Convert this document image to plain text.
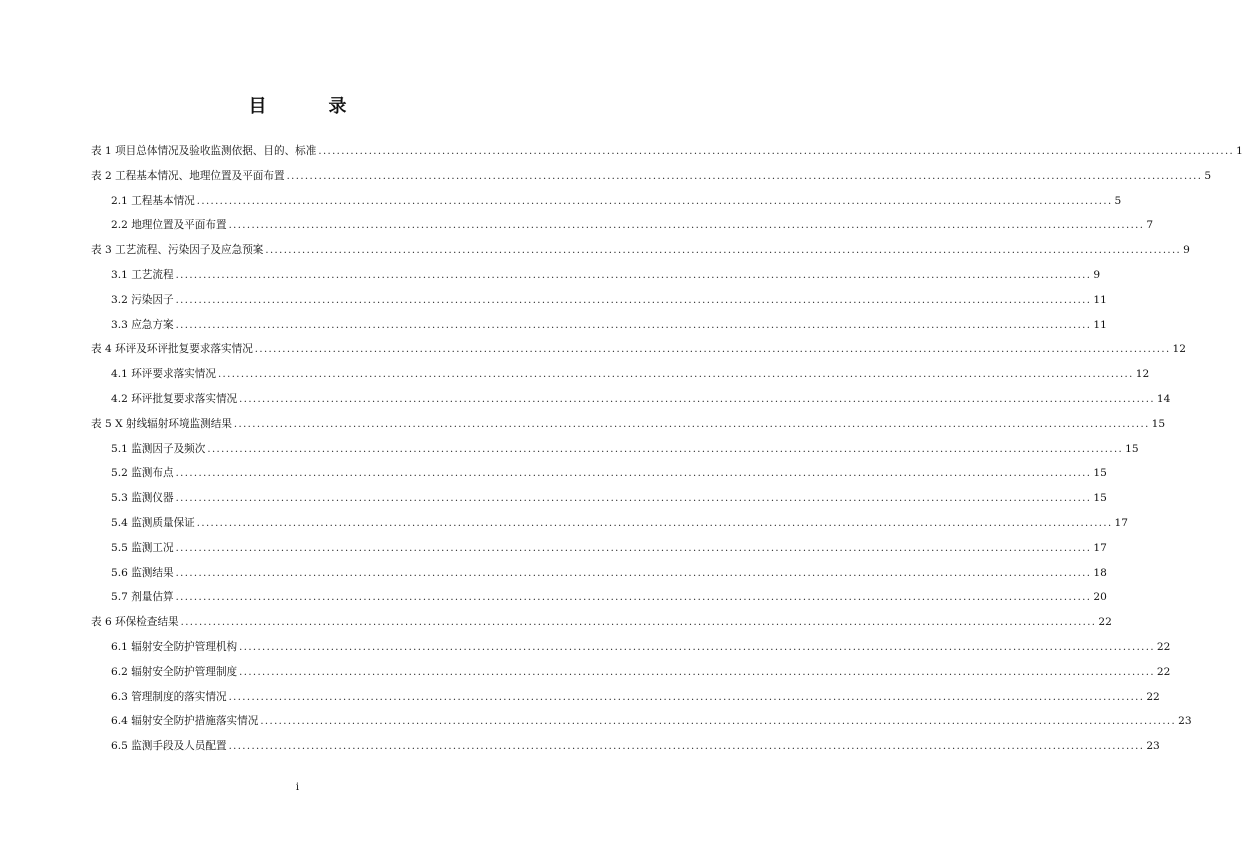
目　录
表 1 项目总体情况及验收监测依据、目的、标准 ........................................................................................................................................................................................................ 1
表 2 工程基本情况、地理位置及平面布置 ........................................................................................................................................................................................................ 5
2.1 工程基本情况 ........................................................................................................................................................................................................ 5
2.2 地理位置及平面布置 ........................................................................................................................................................................................................ 7
表 3 工艺流程、污染因子及应急预案 ........................................................................................................................................................................................................ 9
3.1 工艺流程 ........................................................................................................................................................................................................ 9
3.2 污染因子 ........................................................................................................................................................................................................ 11
3.3 应急方案 ........................................................................................................................................................................................................ 11
表 4 环评及环评批复要求落实情况 ........................................................................................................................................................................................................ 12
4.1 环评要求落实情况 ........................................................................................................................................................................................................ 12
4.2 环评批复要求落实情况 ........................................................................................................................................................................................................ 14
表 5 X 射线辐射环境监测结果 ........................................................................................................................................................................................................ 15
5.1 监测因子及频次 ........................................................................................................................................................................................................ 15
5.2 监测布点 ........................................................................................................................................................................................................ 15
5.3 监测仪器 ........................................................................................................................................................................................................ 15
5.4 监测质量保证 ........................................................................................................................................................................................................ 17
5.5 监测工况 ........................................................................................................................................................................................................ 17
5.6 监测结果 ........................................................................................................................................................................................................ 18
5.7 剂量估算 ........................................................................................................................................................................................................ 20
表 6 环保检查结果 ........................................................................................................................................................................................................ 22
6.1 辐射安全防护管理机构 ........................................................................................................................................................................................................ 22
6.2 辐射安全防护管理制度 ........................................................................................................................................................................................................ 22
6.3 管理制度的落实情况 ........................................................................................................................................................................................................ 22
6.4 辐射安全防护措施落实情况 ........................................................................................................................................................................................................ 23
6.5 监测手段及人员配置 ........................................................................................................................................................................................................ 23
i
